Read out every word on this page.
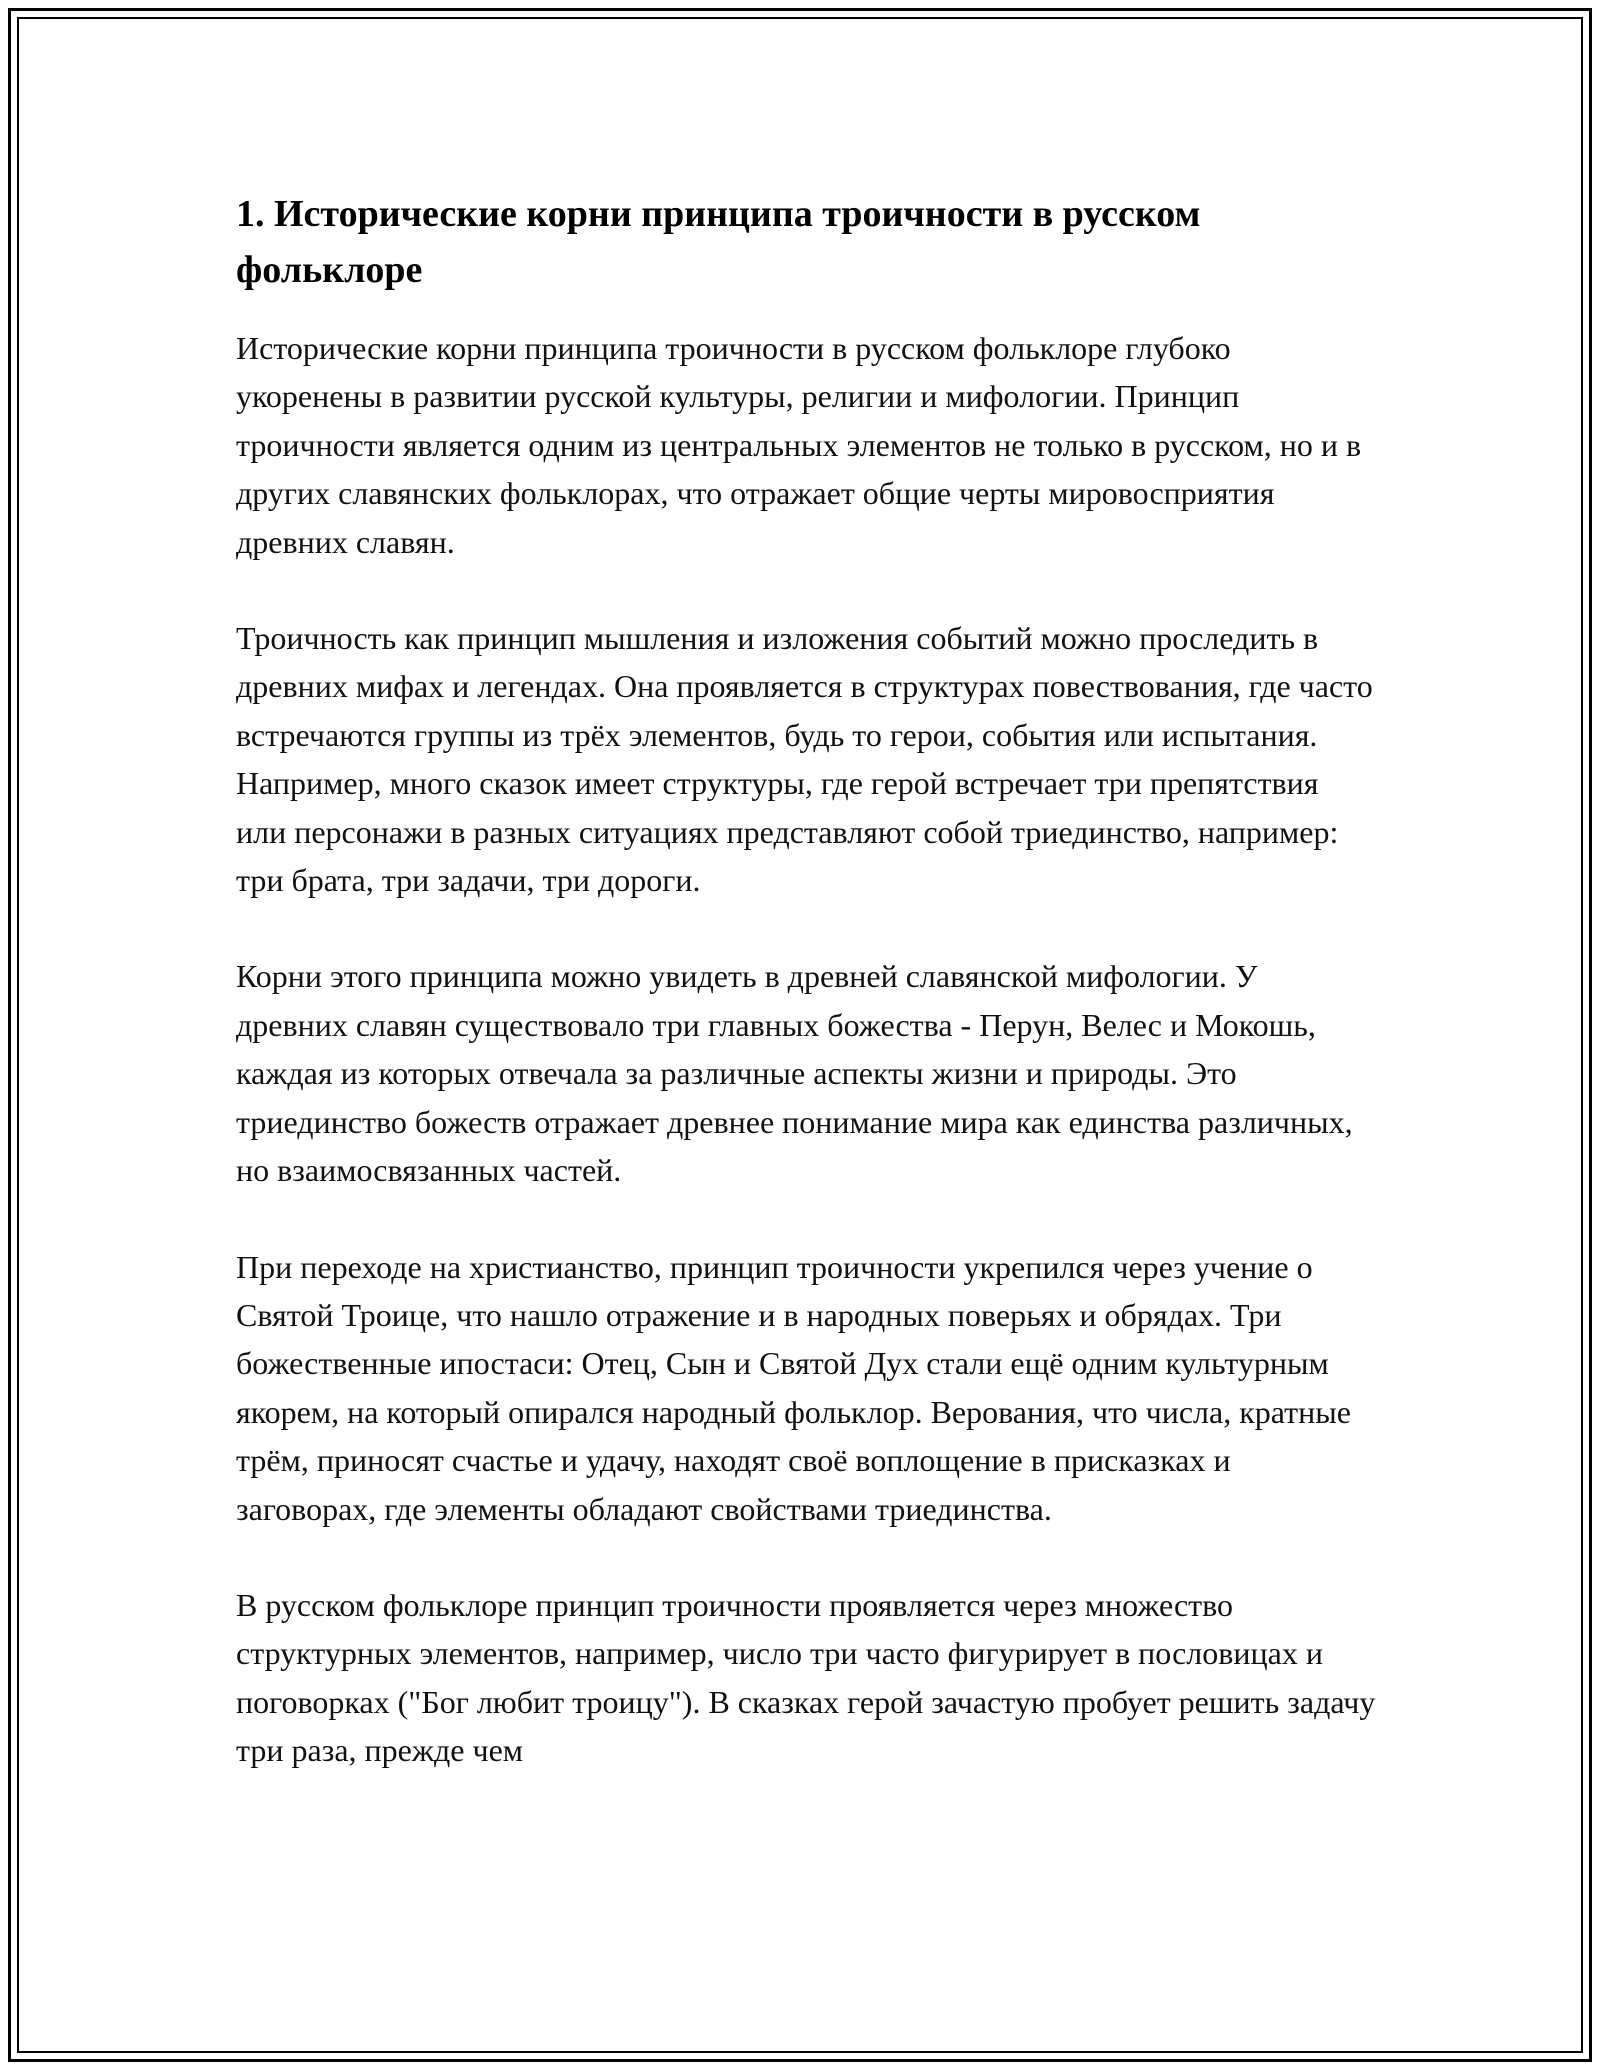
1. Исторические корни принципа троичности в русском фольклоре

Исторические корни принципа троичности в русском фольклоре глубоко укоренены в развитии русской культуры, религии и мифологии. Принцип троичности является одним из центральных элементов не только в русском, но и в других славянских фольклорах, что отражает общие черты мировосприятия древних славян.

Троичность как принцип мышления и изложения событий можно проследить в древних мифах и легендах. Она проявляется в структурах повествования, где часто встречаются группы из трёх элементов, будь то герои, события или испытания. Например, много сказок имеет структуры, где герой встречает три препятствия или персонажи в разных ситуациях представляют собой триединство, например: три брата, три задачи, три дороги.

Корни этого принципа можно увидеть в древней славянской мифологии. У древних славян существовало три главных божества - Перун, Велес и Мокошь, каждая из которых отвечала за различные аспекты жизни и природы. Это триединство божеств отражает древнее понимание мира как единства различных, но взаимосвязанных частей.

При переходе на христианство, принцип троичности укрепился через учение о Святой Троице, что нашло отражение и в народных поверьях и обрядах. Три божественные ипостаси: Отец, Сын и Святой Дух стали ещё одним культурным якорем, на который опирался народный фольклор. Верования, что числа, кратные трём, приносят счастье и удачу, находят своё воплощение в присказках и заговорах, где элементы обладают свойствами триединства.

В русском фольклоре принцип троичности проявляется через множество структурных элементов, например, число три часто фигурирует в пословицах и поговорках ("Бог любит троицу"). В сказках герой зачастую пробует решить задачу три раза, прежде чем
